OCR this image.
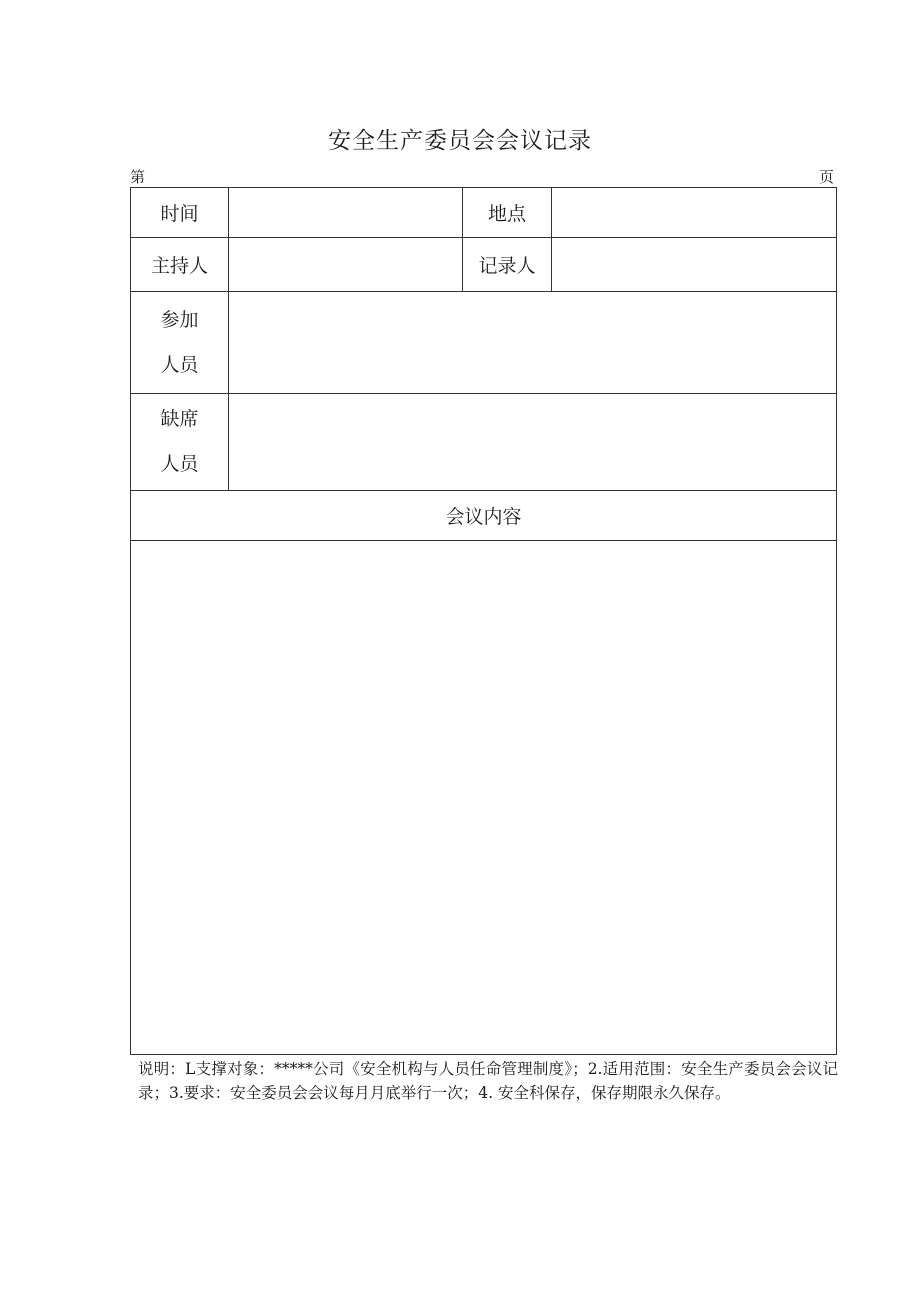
安全生产委员会会议记录
第	页
时间		地点	
主持人		记录人	

参加
人员			

缺席
人员			

会议内容			

说明：L支撑对象：*****公司《安全机构与人员任命管理制度》；2.适用范围：安全生产委员会会议记录；3.要求：安全委员会会议每月月底举行一次；4. 安全科保存，保存期限永久保存。
